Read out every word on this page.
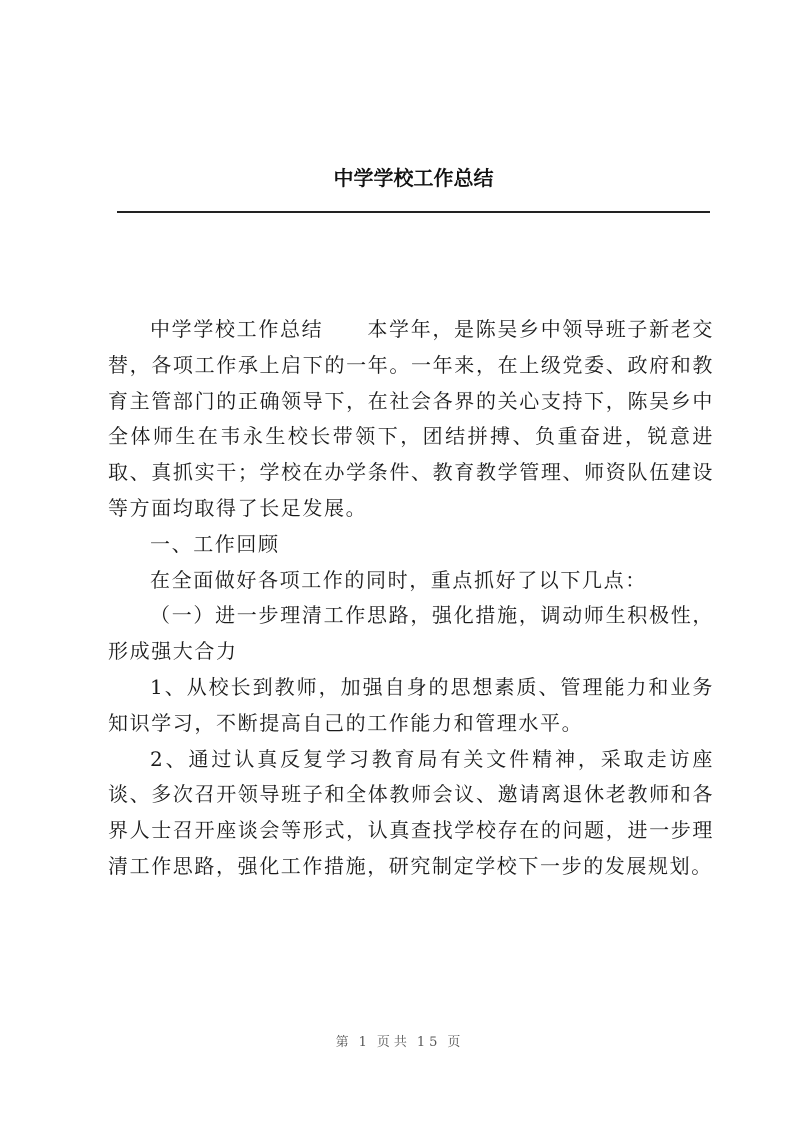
中学学校工作总结

中学学校工作总结 本学年，是陈吴乡中领导班子新老交替，各项工作承上启下的一年。一年来，在上级党委、政府和教育主管部门的正确领导下，在社会各界的关心支持下，陈吴乡中全体师生在韦永生校长带领下，团结拼搏、负重奋进，锐意进取、真抓实干；学校在办学条件、教育教学管理、师资队伍建设等方面均取得了长足发展。

一、工作回顾

在全面做好各项工作的同时，重点抓好了以下几点：

（一）进一步理清工作思路，强化措施，调动师生积极性，形成强大合力

1、从校长到教师，加强自身的思想素质、管理能力和业务知识学习，不断提高自己的工作能力和管理水平。

2、通过认真反复学习教育局有关文件精神，采取走访座谈、多次召开领导班子和全体教师会议、邀请离退休老教师和各界人士召开座谈会等形式，认真查找学校存在的问题，进一步理清工作思路，强化工作措施，研究制定学校下一步的发展规划。

第 1 页共 15 页
